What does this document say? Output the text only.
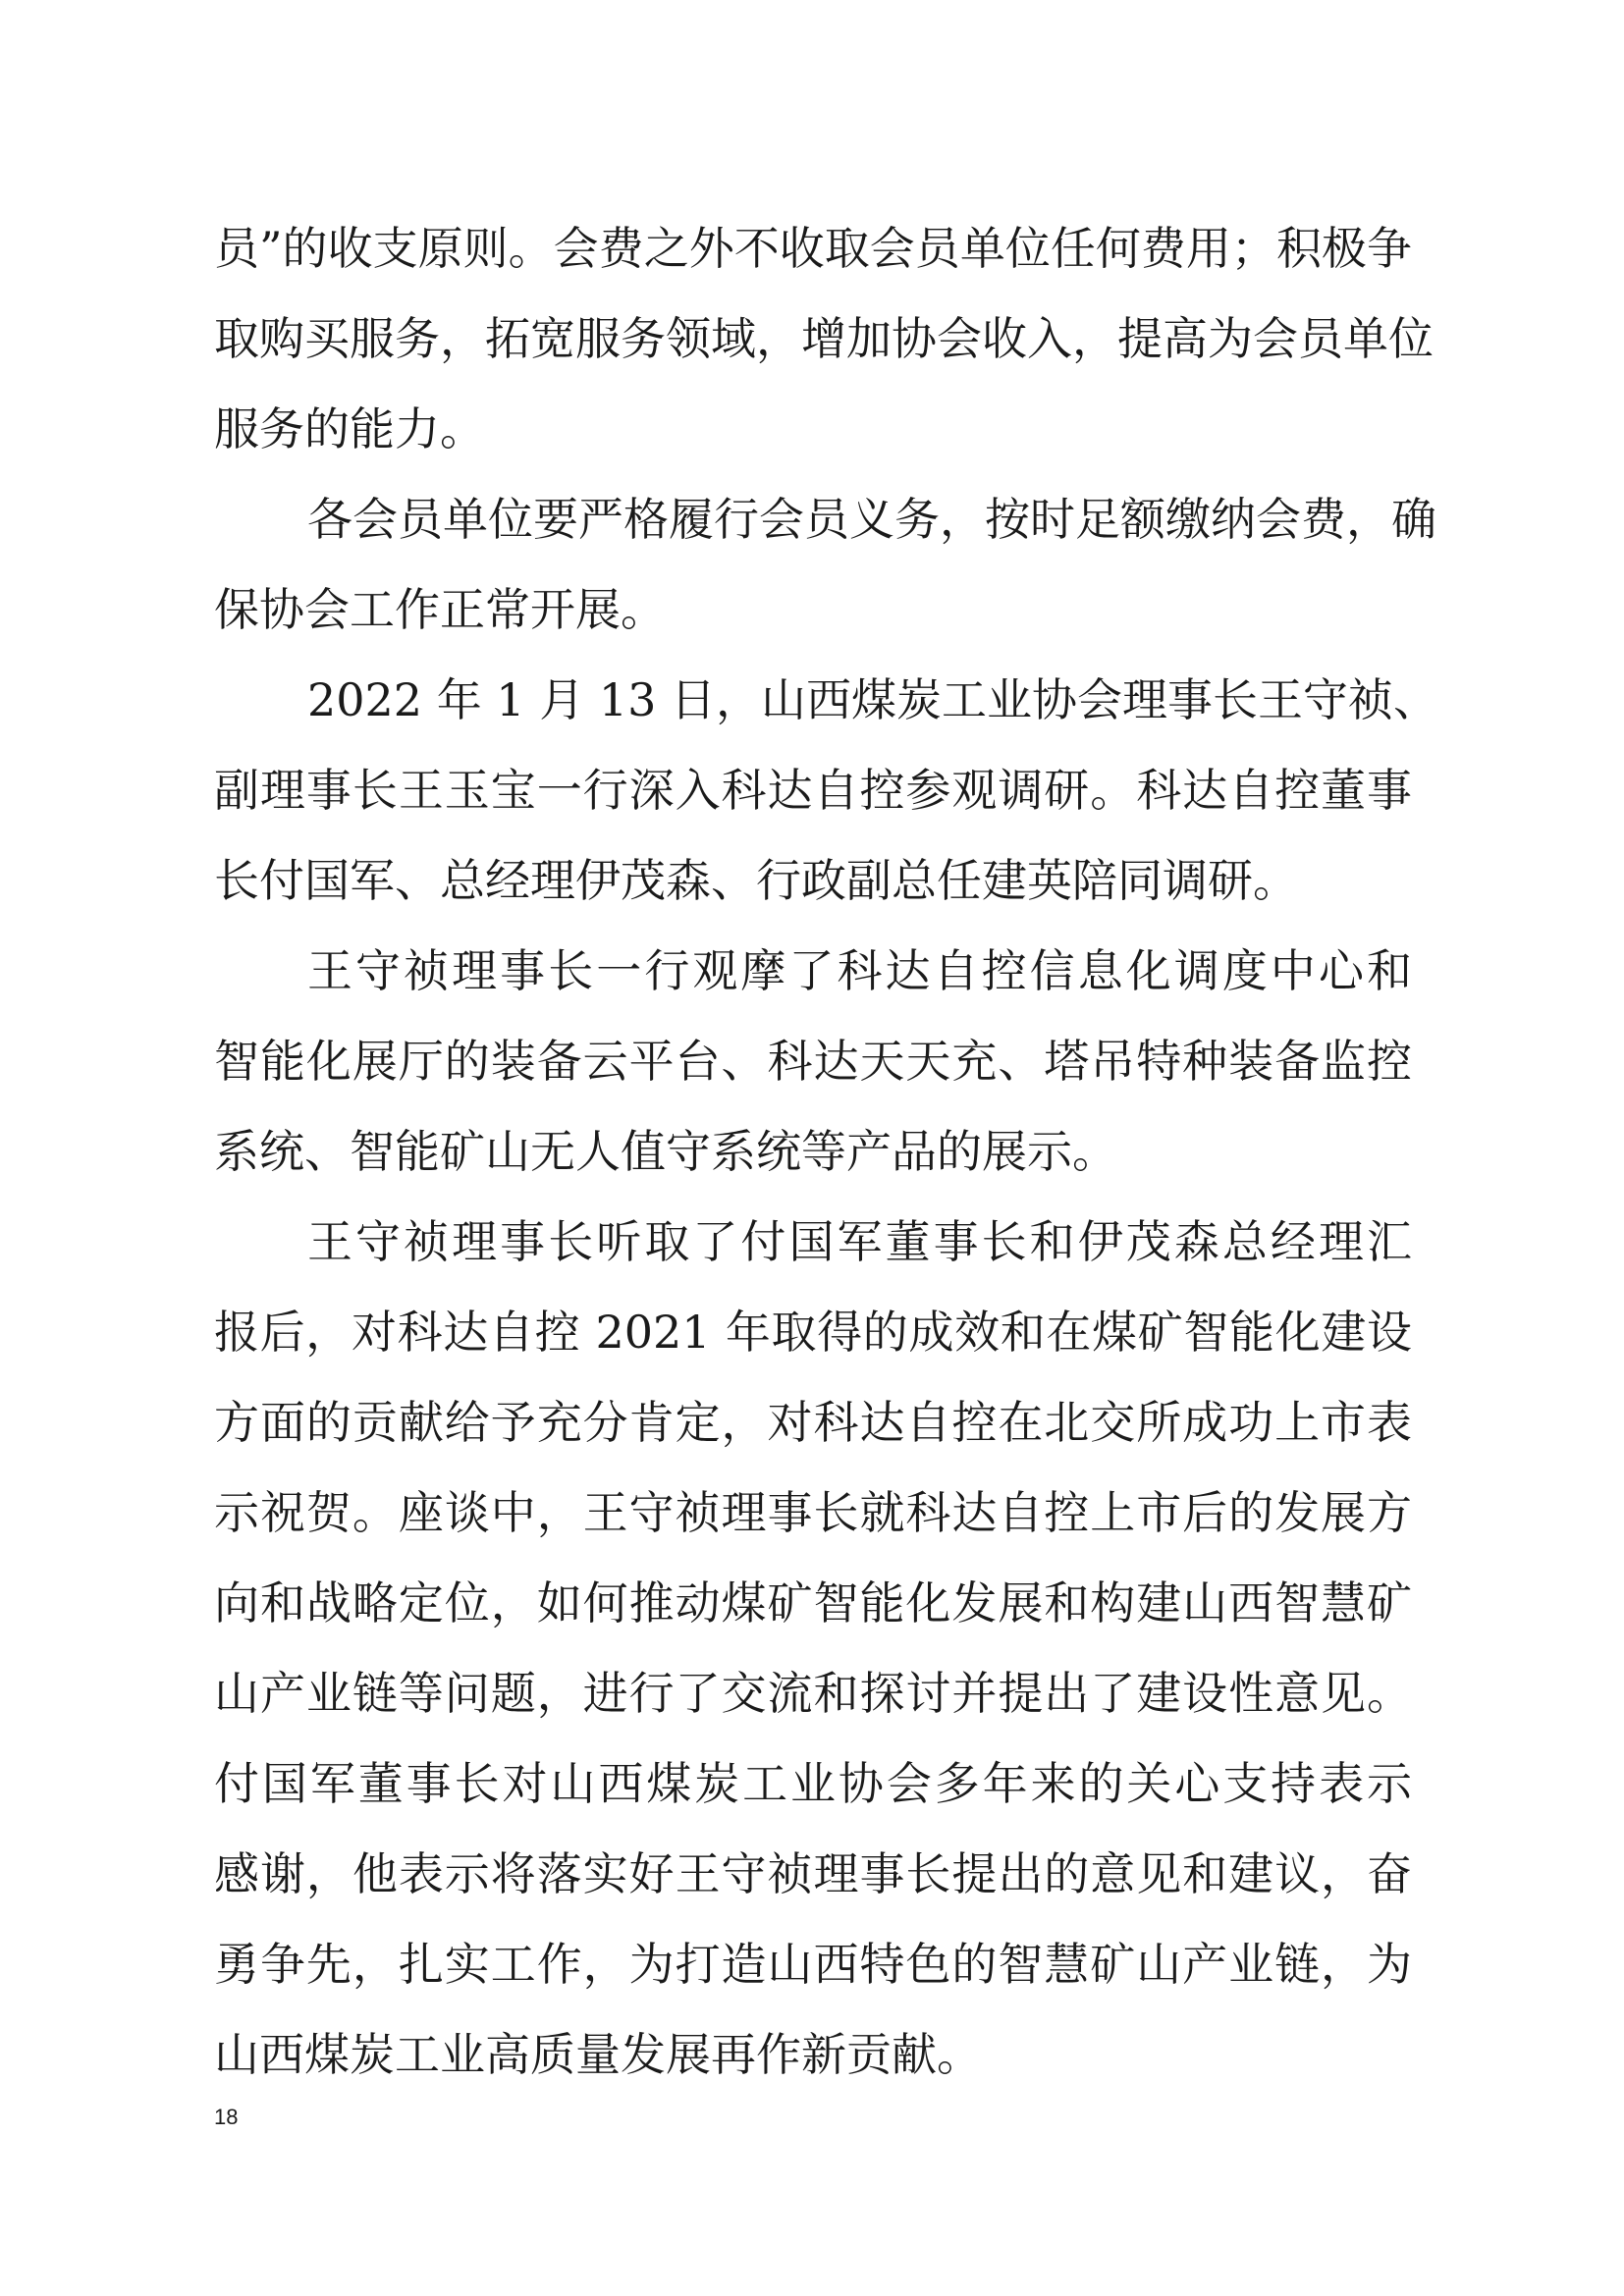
员”的收支原则。会费之外不收取会员单位任何费用；积极争
取购买服务，拓宽服务领域，增加协会收入，提高为会员单位
服务的能力。
各会员单位要严格履行会员义务，按时足额缴纳会费，确
保协会工作正常开展。
2022 年 1 月 13 日，山西煤炭工业协会理事长王守祯、
副理事长王玉宝一行深入科达自控参观调研。科达自控董事
长付国军、总经理伊茂森、行政副总任建英陪同调研。
王守祯理事长一行观摩了科达自控信息化调度中心和
智能化展厅的装备云平台、科达天天充、塔吊特种装备监控
系统、智能矿山无人值守系统等产品的展示。
王守祯理事长听取了付国军董事长和伊茂森总经理汇
报后，对科达自控 2021 年取得的成效和在煤矿智能化建设
方面的贡献给予充分肯定，对科达自控在北交所成功上市表
示祝贺。座谈中，王守祯理事长就科达自控上市后的发展方
向和战略定位，如何推动煤矿智能化发展和构建山西智慧矿
山产业链等问题，进行了交流和探讨并提出了建设性意见。
付国军董事长对山西煤炭工业协会多年来的关心支持表示
感谢，他表示将落实好王守祯理事长提出的意见和建议，奋
勇争先，扎实工作，为打造山西特色的智慧矿山产业链，为
山西煤炭工业高质量发展再作新贡献。
18
